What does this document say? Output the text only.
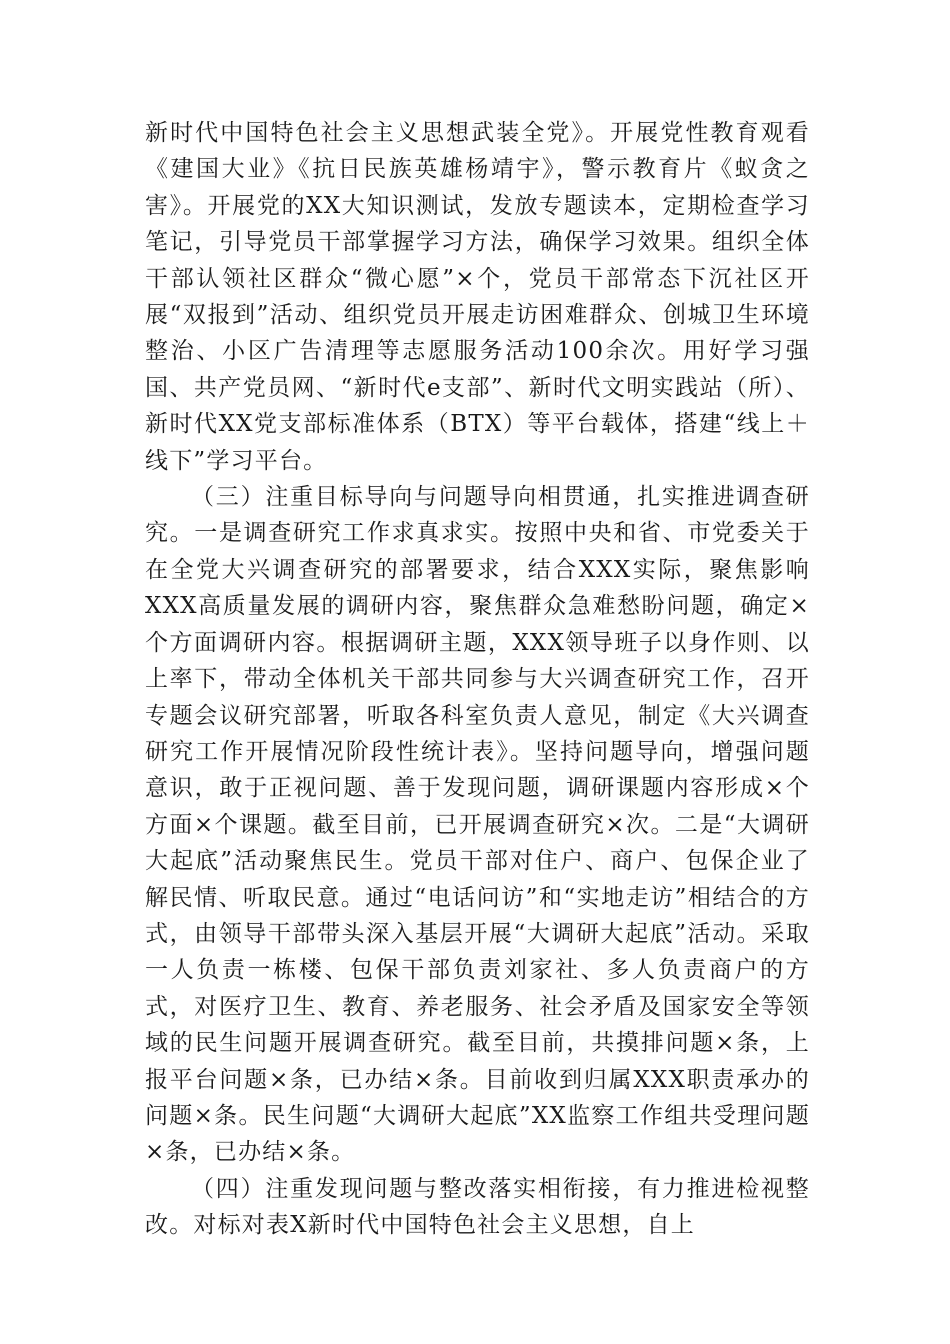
新时代中国特色社会主义思想武装全党》。开展党性教育观看《建国大业》《抗日民族英雄杨靖宇》，警示教育片《蚁贪之害》。开展党的XX大知识测试，发放专题读本，定期检查学习笔记，引导党员干部掌握学习方法，确保学习效果。组织全体干部认领社区群众“微心愿”×个，党员干部常态下沉社区开展“双报到”活动、组织党员开展走访困难群众、创城卫生环境整治、小区广告清理等志愿服务活动100余次。用好学习强国、共产党员网、“新时代e支部”、新时代文明实践站（所）、新时代XX党支部标准体系（BTX）等平台载体，搭建“线上＋线下”学习平台。

（三）注重目标导向与问题导向相贯通，扎实推进调查研究。一是调查研究工作求真求实。按照中央和省、市党委关于在全党大兴调查研究的部署要求，结合XXX实际，聚焦影响XXX高质量发展的调研内容，聚焦群众急难愁盼问题，确定×个方面调研内容。根据调研主题，XXX领导班子以身作则、以上率下，带动全体机关干部共同参与大兴调查研究工作，召开专题会议研究部署，听取各科室负责人意见，制定《大兴调查研究工作开展情况阶段性统计表》。坚持问题导向，增强问题意识，敢于正视问题、善于发现问题，调研课题内容形成×个方面×个课题。截至目前，已开展调查研究×次。二是“大调研大起底”活动聚焦民生。党员干部对住户、商户、包保企业了解民情、听取民意。通过“电话问访”和“实地走访”相结合的方式，由领导干部带头深入基层开展“大调研大起底”活动。采取一人负责一栋楼、包保干部负责刘家社、多人负责商户的方式，对医疗卫生、教育、养老服务、社会矛盾及国家安全等领域的民生问题开展调查研究。截至目前，共摸排问题×条，上报平台问题×条，已办结×条。目前收到归属XXX职责承办的问题×条。民生问题“大调研大起底”XX监察工作组共受理问题×条，已办结×条。

（四）注重发现问题与整改落实相衔接，有力推进检视整改。对标对表X新时代中国特色社会主义思想，自上
